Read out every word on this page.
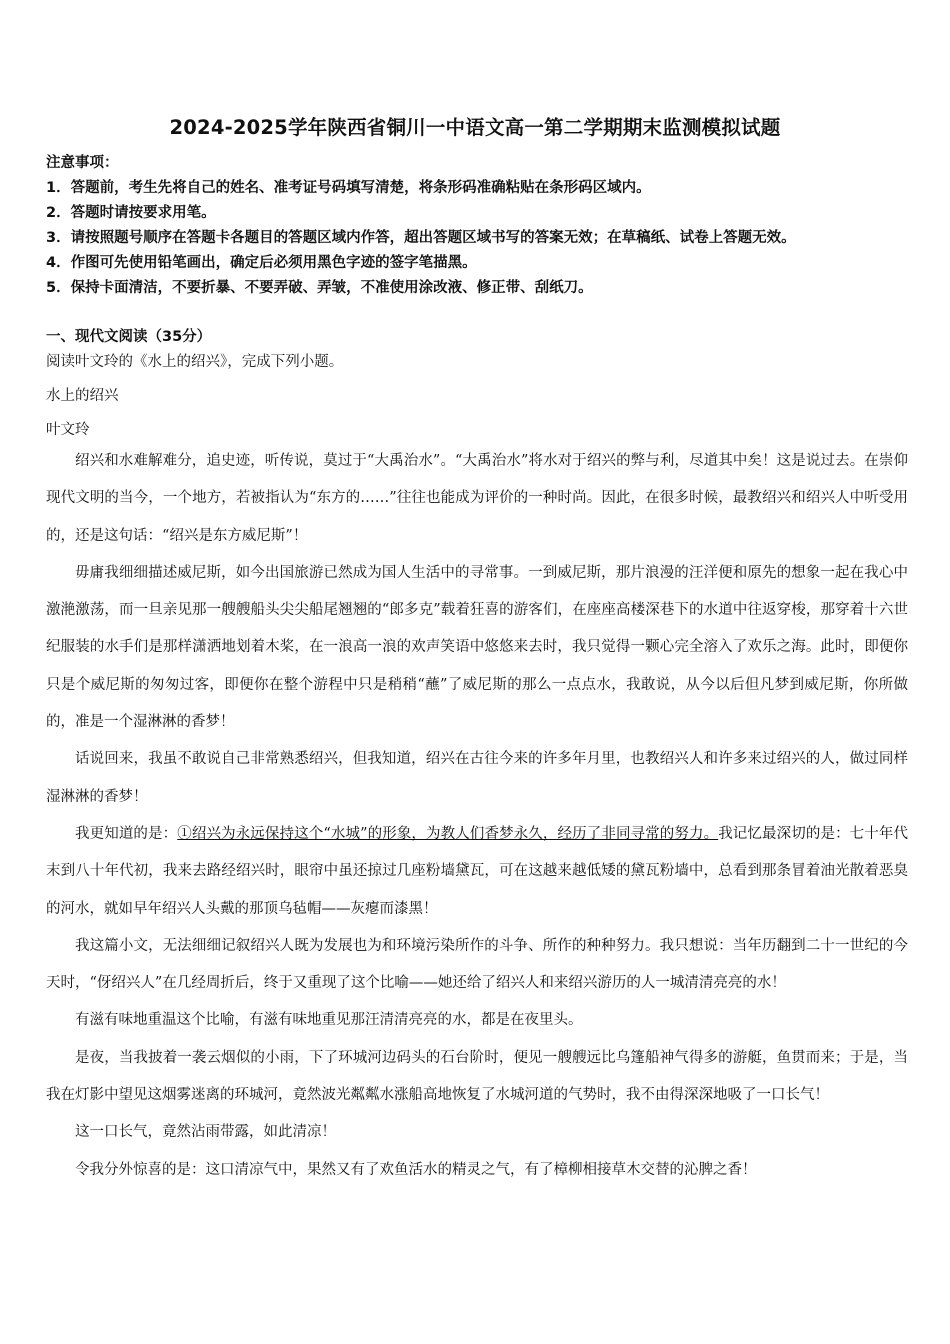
2024-2025学年陕西省铜川一中语文高一第二学期期末监测模拟试题
注意事项：
1．答题前，考生先将自己的姓名、准考证号码填写清楚，将条形码准确粘贴在条形码区域内。
2．答题时请按要求用笔。
3．请按照题号顺序在答题卡各题目的答题区域内作答，超出答题区域书写的答案无效；在草稿纸、试卷上答题无效。
4．作图可先使用铅笔画出，确定后必须用黑色字迹的签字笔描黑。
5．保持卡面清洁，不要折暴、不要弄破、弄皱，不准使用涂改液、修正带、刮纸刀。
一、现代文阅读（35分）
阅读叶文玲的《水上的绍兴》，完成下列小题。
水上的绍兴
叶文玲

绍兴和水难解难分，追史迹，听传说，莫过于“大禹治水”。“大禹治水”将水对于绍兴的弊与利，尽道其中矣！这是说过去。在崇仰现代文明的当今，一个地方，若被指认为“东方的……”往往也能成为评价的一种时尚。因此，在很多时候，最教绍兴和绍兴人中听受用的，还是这句话：“绍兴是东方威尼斯”！

毋庸我细细描述威尼斯，如今出国旅游已然成为国人生活中的寻常事。一到威尼斯，那片浪漫的汪洋便和原先的想象一起在我心中激滟激荡，而一旦亲见那一艘艘船头尖尖船尾翘翘的“郎多克”载着狂喜的游客们，在座座高楼深巷下的水道中往返穿梭，那穿着十六世纪服装的水手们是那样潇洒地划着木桨，在一浪高一浪的欢声笑语中悠悠来去时，我只觉得一颗心完全溶入了欢乐之海。此时，即便你只是个威尼斯的匆匆过客，即便你在整个游程中只是稍稍“蘸”了威尼斯的那么一点点水，我敢说，从今以后但凡梦到威尼斯，你所做的，准是一个湿淋淋的香梦！

话说回来，我虽不敢说自己非常熟悉绍兴，但我知道，绍兴在古往今来的许多年月里，也教绍兴人和许多来过绍兴的人，做过同样湿淋淋的香梦！

我更知道的是：①绍兴为永远保持这个“水城”的形象，为教人们香梦永久，经历了非同寻常的努力。我记忆最深切的是：七十年代末到八十年代初，我来去路经绍兴时，眼帘中虽还掠过几座粉墙黛瓦，可在这越来越低矮的黛瓦粉墙中，总看到那条冒着油光散着恶臭的河水，就如早年绍兴人头戴的那顶乌毡帽——灰瘪而漆黑！

我这篇小文，无法细细记叙绍兴人既为发展也为和环境污染所作的斗争、所作的种种努力。我只想说：当年历翻到二十一世纪的今天时，“伢绍兴人”在几经周折后，终于又重现了这个比喻——她还给了绍兴人和来绍兴游历的人一城清清亮亮的水！

有滋有味地重温这个比喻，有滋有味地重见那汪清清亮亮的水，都是在夜里头。

是夜，当我披着一袭云烟似的小雨，下了环城河边码头的石台阶时，便见一艘艘远比乌篷船神气得多的游艇，鱼贯而来；于是，当我在灯影中望见这烟雾迷离的环城河，竟然波光粼粼水涨船高地恢复了水城河道的气势时，我不由得深深地吸了一口长气！

这一口长气，竟然沾雨带露，如此清凉！

令我分外惊喜的是：这口清凉气中，果然又有了欢鱼活水的精灵之气，有了樟柳相接草木交替的沁脾之香！
